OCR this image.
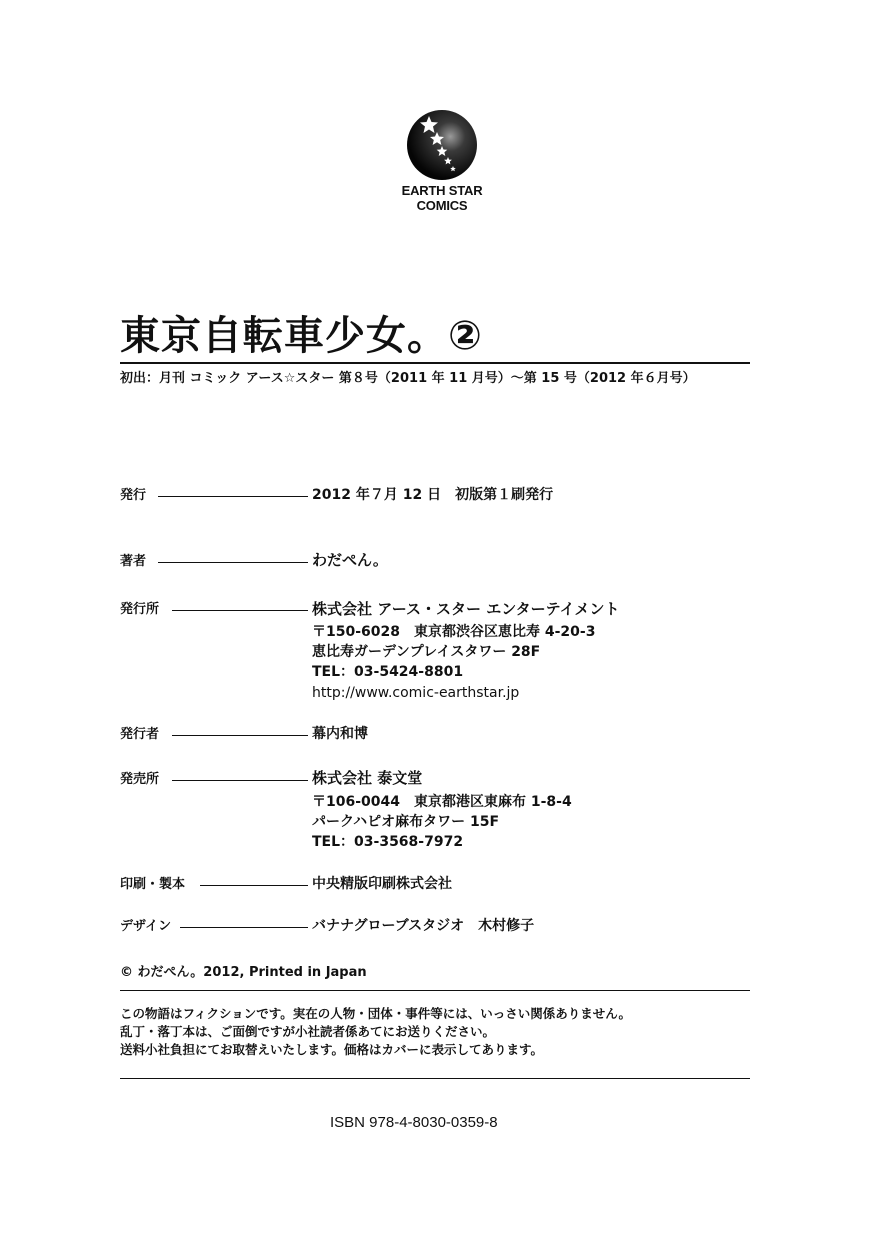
EARTH STAR
COMICS
東京自転車少女。②
初出：月刊 コミック アース☆スター 第８号（2011 年 11 月号）～第 15 号（2012 年６月号）
発行	2012 年７月 12 日　初版第１刷発行
著者	わだぺん。
発行所	株式会社 アース・スター エンターテイメント
〒150-6028　東京都渋谷区恵比寿 4-20-3
恵比寿ガーデンプレイスタワー 28F
TEL：03-5424-8801
http://www.comic-earthstar.jp
発行者	幕内和博
発売所	株式会社 泰文堂
〒106-0044　東京都港区東麻布 1-8-4
パークハピオ麻布タワー 15F
TEL：03-3568-7972
印刷・製本	中央精版印刷株式会社
デザイン	バナナグローブスタジオ　木村修子
© わだぺん。2012, Printed in Japan
この物語はフィクションです。実在の人物・団体・事件等には、いっさい関係ありません。
乱丁・落丁本は、ご面倒ですが小社読者係あてにお送りください。
送料小社負担にてお取替えいたします。価格はカバーに表示してあります。
ISBN 978-4-8030-0359-8
